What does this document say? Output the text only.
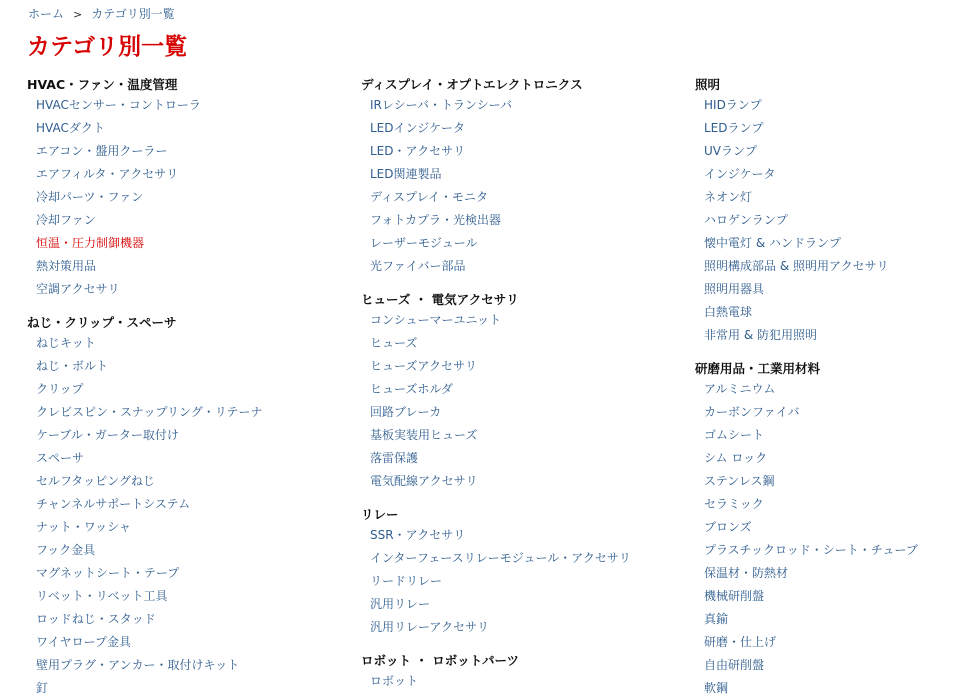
ホーム > カテゴリ別一覧
カテゴリ別一覧
HVAC・ファン・温度管理
HVACセンサー・コントローラ
HVACダクト
エアコン・盤用クーラー
エアフィルタ・アクセサリ
冷却パーツ・ファン
冷却ファン
恒温・圧力制御機器
熱対策用品
空調アクセサリ
ねじ・クリップ・スペーサ
ねじキット
ねじ・ボルト
クリップ
クレビスピン・スナップリング・リテーナ
ケーブル・ガーター取付け
スペーサ
セルフタッピングねじ
チャンネルサポートシステム
ナット・ワッシャ
フック金具
マグネットシート・テープ
リベット・リベット工具
ロッドねじ・スタッド
ワイヤロープ金具
壁用プラグ・アンカー・取付けキット
釘
ディスプレイ・オプトエレクトロニクス
IRレシーバ・トランシーバ
LEDインジケータ
LED・アクセサリ
LED関連製品
ディスプレイ・モニタ
フォトカプラ・光検出器
レーザーモジュール
光ファイバー部品
ヒューズ ・ 電気アクセサリ
コンシューマーユニット
ヒューズ
ヒューズアクセサリ
ヒューズホルダ
回路ブレーカ
基板実装用ヒューズ
落雷保護
電気配線アクセサリ
リレー
SSR・アクセサリ
インターフェースリレーモジュール・アクセサリ
リードリレー
汎用リレー
汎用リレーアクセサリ
ロボット ・ ロボットパーツ
ロボット
照明
HIDランプ
LEDランプ
UVランプ
インジケータ
ネオン灯
ハロゲンランプ
懐中電灯 & ハンドランプ
照明構成部品 & 照明用アクセサリ
照明用器具
白熱電球
非常用 & 防犯用照明
研磨用品・工業用材料
アルミニウム
カーボンファイバ
ゴムシート
シム ロック
ステンレス鋼
セラミック
ブロンズ
プラスチックロッド・シート・チューブ
保温材・防熱材
機械研削盤
真鍮
研磨・仕上げ
自由研削盤
軟鋼
